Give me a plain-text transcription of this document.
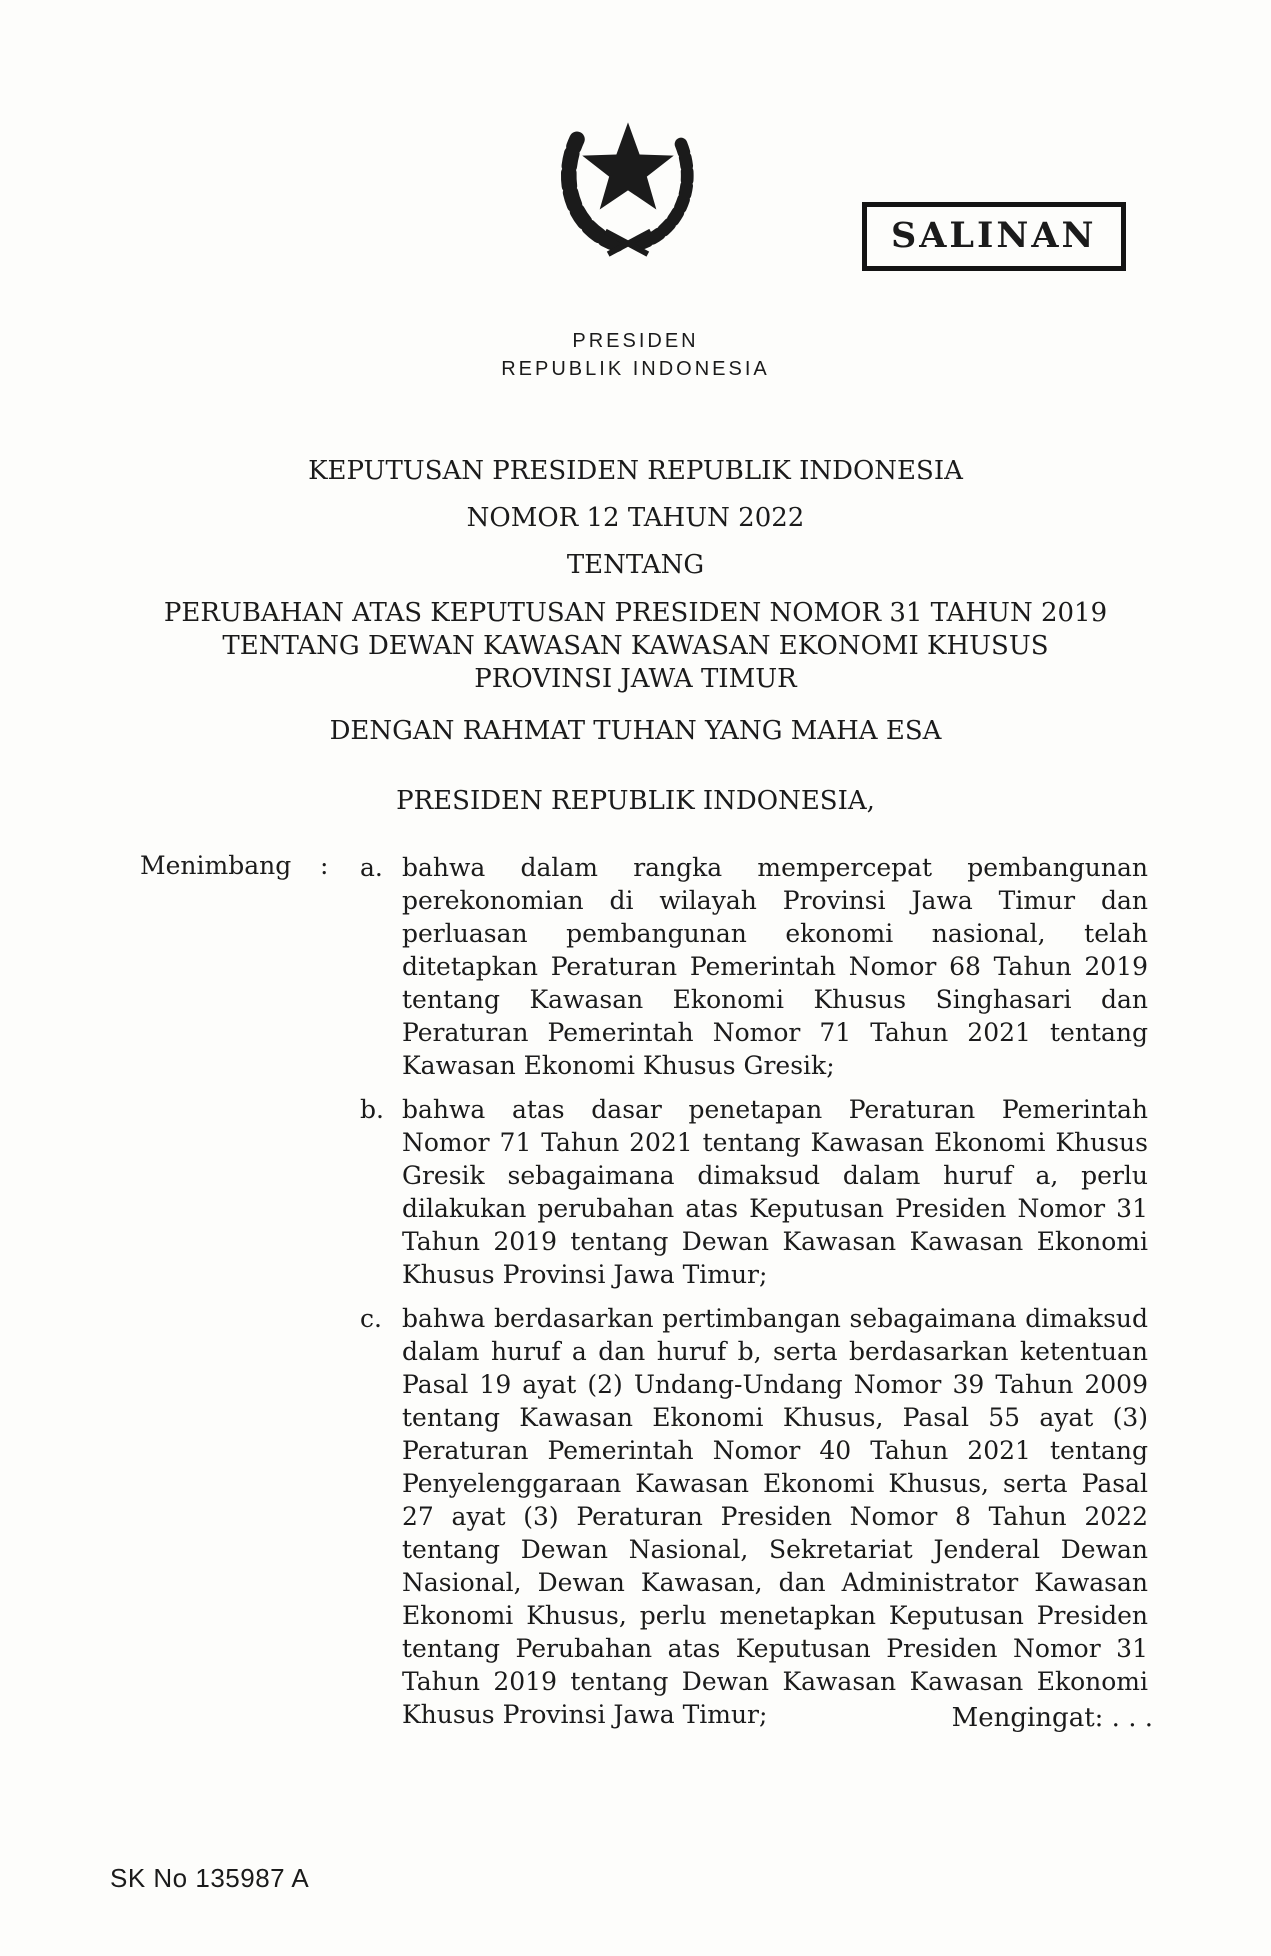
SALINAN
PRESIDEN
REPUBLIK INDONESIA
KEPUTUSAN PRESIDEN REPUBLIK INDONESIA
NOMOR 12 TAHUN 2022
TENTANG
PERUBAHAN ATAS KEPUTUSAN PRESIDEN NOMOR 31 TAHUN 2019
TENTANG DEWAN KAWASAN KAWASAN EKONOMI KHUSUS
PROVINSI JAWA TIMUR
DENGAN RAHMAT TUHAN YANG MAHA ESA
PRESIDEN REPUBLIK INDONESIA,
Menimbang	:	a. bahwa dalam rangka mempercepat pembangunan perekonomian di wilayah Provinsi Jawa Timur dan perluasan pembangunan ekonomi nasional, telah ditetapkan Peraturan Pemerintah Nomor 68 Tahun 2019 tentang Kawasan Ekonomi Khusus Singhasari dan Peraturan Pemerintah Nomor 71 Tahun 2021 tentang Kawasan Ekonomi Khusus Gresik;
b. bahwa atas dasar penetapan Peraturan Pemerintah Nomor 71 Tahun 2021 tentang Kawasan Ekonomi Khusus Gresik sebagaimana dimaksud dalam huruf a, perlu dilakukan perubahan atas Keputusan Presiden Nomor 31 Tahun 2019 tentang Dewan Kawasan Kawasan Ekonomi Khusus Provinsi Jawa Timur;
c. bahwa berdasarkan pertimbangan sebagaimana dimaksud dalam huruf a dan huruf b, serta berdasarkan ketentuan Pasal 19 ayat (2) Undang-Undang Nomor 39 Tahun 2009 tentang Kawasan Ekonomi Khusus, Pasal 55 ayat (3) Peraturan Pemerintah Nomor 40 Tahun 2021 tentang Penyelenggaraan Kawasan Ekonomi Khusus, serta Pasal 27 ayat (3) Peraturan Presiden Nomor 8 Tahun 2022 tentang Dewan Nasional, Sekretariat Jenderal Dewan Nasional, Dewan Kawasan, dan Administrator Kawasan Ekonomi Khusus, perlu menetapkan Keputusan Presiden tentang Perubahan atas Keputusan Presiden Nomor 31 Tahun 2019 tentang Dewan Kawasan Kawasan Ekonomi Khusus Provinsi Jawa Timur;	Mengingat: . . .
SK No 135987 A
